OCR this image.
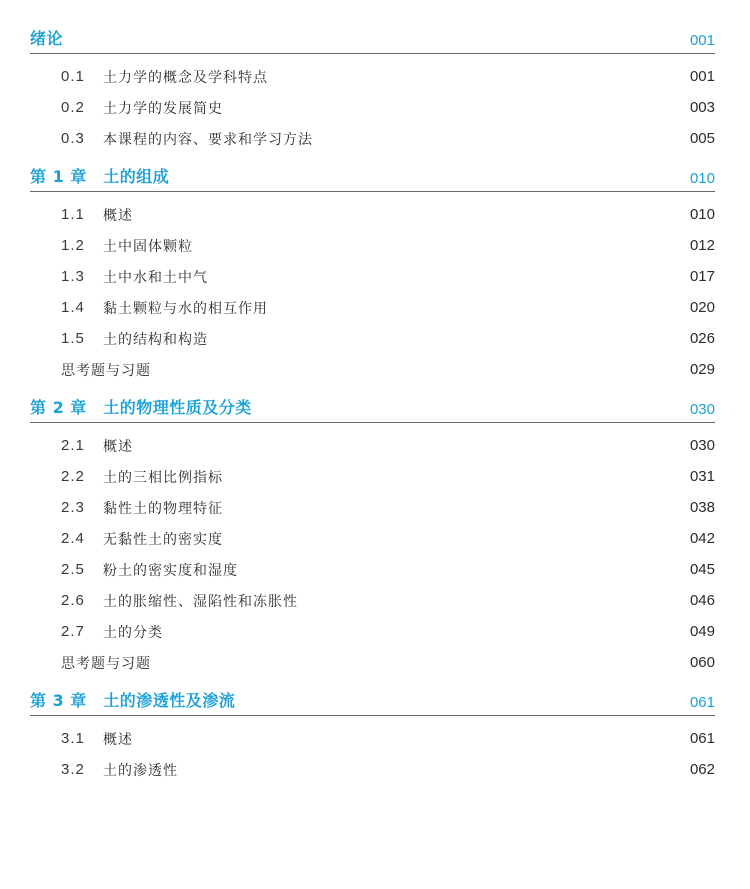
绪论	001
0.1	土力学的概念及学科特点	001
0.2	土力学的发展简史	003
0.3	本课程的内容、要求和学习方法	005
第 1 章　土的组成	010
1.1	概述	010
1.2	土中固体颗粒	012
1.3	土中水和土中气	017
1.4	黏土颗粒与水的相互作用	020
1.5	土的结构和构造	026
思考题与习题	029
第 2 章　土的物理性质及分类	030
2.1	概述	030
2.2	土的三相比例指标	031
2.3	黏性土的物理特征	038
2.4	无黏性土的密实度	042
2.5	粉土的密实度和湿度	045
2.6	土的胀缩性、湿陷性和冻胀性	046
2.7	土的分类	049
思考题与习题	060
第 3 章　土的渗透性及渗流	061
3.1	概述	061
3.2	土的渗透性	062
